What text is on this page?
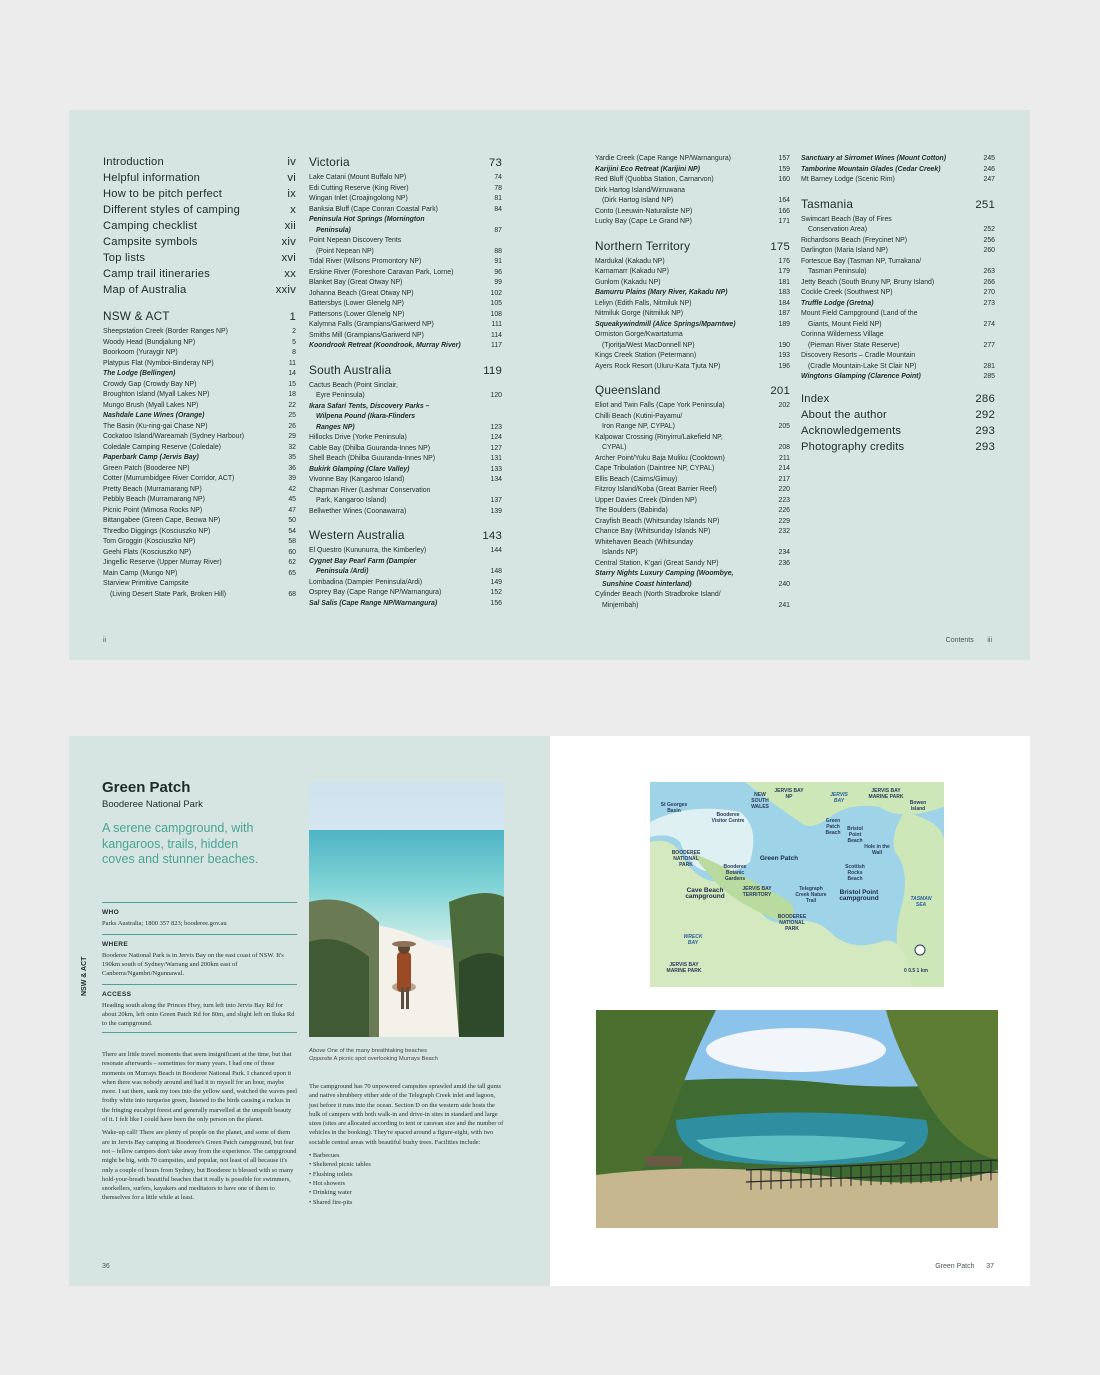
Introduction	iv
Helpful information	vi
How to be pitch perfect	ix
Different styles of camping	x
Camping checklist	xii
Campsite symbols	xiv
Top lists	xvi
Camp trail itineraries	xx
Map of Australia	xxiv
NSW & ACT	1
Sheepstation Creek (Border Ranges NP)	2
Woody Head (Bundjalung NP)	5
Boorkoom (Yuraygir NP)	8
Platypus Flat (Nymboi-Binderay NP)	11
The Lodge (Bellingen)	14
Crowdy Gap (Crowdy Bay NP)	15
Broughton Island (Myall Lakes NP)	18
Mungo Brush (Myall Lakes NP)	22
Nashdale Lane Wines (Orange)	25
The Basin (Ku-ring-gai Chase NP)	26
Cockatoo Island/Wareamah (Sydney Harbour)	29
Coledale Camping Reserve (Coledale)	32
Paperbark Camp (Jervis Bay)	35
Green Patch (Booderee NP)	36
Cotter (Murrumbidgee River Corridor, ACT)	39
Pretty Beach (Murramarang NP)	42
Pebbly Beach (Murramarang NP)	45
Picnic Point (Mimosa Rocks NP)	47
Bittangabee (Green Cape, Beowa NP)	50
Thredbo Diggings (Kosciuszko NP)	54
Tom Groggin (Kosciuszko NP)	58
Geehi Flats (Kosciuszko NP)	60
Jingellic Reserve (Upper Murray River)	62
Main Camp (Mungo NP)	65
Starview Primitive Campsite
(Living Desert State Park, Broken Hill)	68
Victoria	73
Lake Catani (Mount Buffalo NP)	74
Edi Cutting Reserve (King River)	78
Wingan Inlet (Croajingolong NP)	81
Banksia Bluff (Cape Conran Coastal Park)	84
Peninsula Hot Springs (Mornington
Peninsula)	87
Point Nepean Discovery Tents
(Point Nepean NP)	88
Tidal River (Wilsons Promontory NP)	91
Erskine River (Foreshore Caravan Park, Lorne)	96
Blanket Bay (Great Otway NP)	99
Johanna Beach (Great Otway NP)	102
Battersbys (Lower Glenelg NP)	105
Pattersons (Lower Glenelg NP)	108
Kalymna Falls (Grampians/Gariwerd NP)	111
Smiths Mill (Grampians/Gariwerd NP)	114
Koondrook Retreat (Koondrook, Murray River)	117
South Australia	119
Cactus Beach (Point Sinclair,
Eyre Peninsula)	120
Ikara Safari Tents, Discovery Parks –
Wilpena Pound (Ikara-Flinders
Ranges NP)	123
Hillocks Drive (Yorke Peninsula)	124
Cable Bay (Dhilba Guuranda-Innes NP)	127
Shell Beach (Dhilba Guuranda-Innes NP)	131
Bukirk Glamping (Clare Valley)	133
Vivonne Bay (Kangaroo Island)	134
Chapman River (Lashmar Conservation
Park, Kangaroo Island)	137
Bellwether Wines (Coonawarra)	139
Western Australia	143
El Questro (Kununurra, the Kimberley)	144
Cygnet Bay Pearl Farm (Dampier
Peninsula /Ardi)	148
Lombadina (Dampier Peninsula/Ardi)	149
Osprey Bay (Cape Range NP/Warnangura)	152
Sal Salis (Cape Range NP/Warnangura)	156
Yardie Creek (Cape Range NP/Warnangura)	157
Karijini Eco Retreat (Karijini NP)	159
Red Bluff (Quobba Station, Carnarvon)	160
Dirk Hartog Island/Wirruwana
(Dirk Hartog Island NP)	164
Conto (Leeuwin-Naturaliste NP)	166
Lucky Bay (Cape Le Grand NP)	171
Northern Territory	175
Mardukal (Kakadu NP)	176
Karnamarr (Kakadu NP)	179
Gunlom (Kakadu NP)	181
Bamurru Plains (Mary River, Kakadu NP)	183
Leliyn (Edith Falls, Nitmiluk NP)	184
Nitmiluk Gorge (Nitmiluk NP)	187
Squeakywindmill (Alice Springs/Mparntwe)	189
Ormiston Gorge/Kwartatuma
(Tjoritja/West MacDonnell NP)	190
Kings Creek Station (Petermann)	193
Ayers Rock Resort (Uluru-Kata Tjuta NP)	196
Queensland	201
Eliot and Twin Falls (Cape York Peninsula)	202
Chilli Beach (Kutini-Payamu/
Iron Range NP, CYPAL)	205
Kalpowar Crossing (Rinyirru/Lakefield NP,
CYPAL)	208
Archer Point/Yuku Baja Muliku (Cooktown)	211
Cape Tribulation (Daintree NP, CYPAL)	214
Ellis Beach (Cairns/Gimuy)	217
Fitzroy Island/Koba (Great Barrier Reef)	220
Upper Davies Creek (Dinden NP)	223
The Boulders (Babinda)	226
Crayfish Beach (Whitsunday Islands NP)	229
Chance Bay (Whitsunday Islands NP)	232
Whitehaven Beach (Whitsunday
Islands NP)	234
Central Station, K'gari (Great Sandy NP)	236
Starry Nights Luxury Camping (Woombye,
Sunshine Coast hinterland)	240
Cylinder Beach (North Stradbroke Island/
Minjerribah)	241
Sanctuary at Sirromet Wines (Mount Cotton)	245
Tamborine Mountain Glades (Cedar Creek)	246
Mt Barney Lodge (Scenic Rim)	247
Tasmania	251
Swimcart Beach (Bay of Fires
Conservation Area)	252
Richardsons Beach (Freycinet NP)	256
Darlington (Maria Island NP)	260
Fortescue Bay (Tasman NP, Turrakana/
Tasman Peninsula)	263
Jetty Beach (South Bruny NP, Bruny Island)	266
Cockle Creek (Southwest NP)	270
Truffle Lodge (Gretna)	273
Mount Field Campground (Land of the
Giants, Mount Field NP)	274
Corinna Wilderness Village
(Pieman River State Reserve)	277
Discovery Resorts – Cradle Mountain
(Cradle Mountain-Lake St Clair NP)	281
Wingtons Glamping (Clarence Point)	285
Index	286
About the author	292
Acknowledgements	293
Photography credits	293
ii	Contents iii
Green Patch
Booderee National Park
A serene campground, with kangaroos, trails, hidden coves and stunner beaches.
WHO
Parks Australia; 1800 357 823; booderee.gov.au
WHERE
Booderee National Park is in Jervis Bay on the east coast of NSW. It's 190km south of Sydney/Warrang and 200km east of Canberra/Ngambri/Ngunnawal.
ACCESS
Heading south along the Princes Hwy, turn left into Jervis Bay Rd for about 20km, left onto Green Patch Rd for 80m, and slight left on Iluka Rd to the campground.
NSW & ACT

There are little travel moments that seem insignificant at the time, but that resonate afterwards – sometimes for many years. I had one of those moments on Murrays Beach in Booderee National Park. I chanced upon it when there was nobody around and had it to myself for an hour, maybe more. I sat there, sank my toes into the yellow sand, watched the waves peel frothy white into turquoise green, listened to the birds causing a ruckus in the fringing eucalypt forest and generally marvelled at the unspoilt beauty of it. I felt like I could have been the only person on the planet.

Wake-up call! There are plenty of people on the planet, and some of them are in Jervis Bay camping at Booderee's Green Patch campground, but fear not – fellow campers don't take away from the experience. The campground might be big, with 70 campsites, and popular, not least of all because it's only a couple of hours from Sydney, but Booderee is blessed with so many hold-your-breath beautiful beaches that it really is possible for swimmers, snorkellers, surfers, kayakers and meditators to have one of them to themselves for a little while at least.

Above One of the many breathtaking beaches
Opposite A picnic spot overlooking Murrays Beach

The campground has 70 unpowered campsites sprawled amid the tall gums and native shrubbery either side of the Telegraph Creek inlet and lagoon, just before it runs into the ocean. Section D on the western side hosts the bulk of campers with both walk-in and drive-in sites in standard and large sizes (sites are allocated according to tent or caravan size and the number of vehicles in the booking). They're spaced around a figure-eight, with two sociable central areas with beautiful bushy trees. Facilities include:

• Barbecues
• Sheltered picnic tables
• Flushing toilets
• Hot showers
• Drinking water
• Shared fire-pits
36
St Georges Basin
NEW SOUTH WALES
JERVIS BAY NP	JERVIS BAY
JERVIS BAY MARINE PARK
Bowen Island
Booderee Visitor Centre	Green Patch Beach
Bristol Point Beach
Hole in the Wall
BOODEREE NATIONAL PARK
Green Patch
Booderee Botanic Gardens
Scottish Rocks Beach
Cave Beach campground
JERVIS BAY TERRITORY
Telegraph Creek Nature Trail
Bristol Point campground	TASMAN SEA
BOODEREE NATIONAL PARK
WRECK BAY
JERVIS BAY MARINE PARK	0 0.5 1 km
Green Patch 37
